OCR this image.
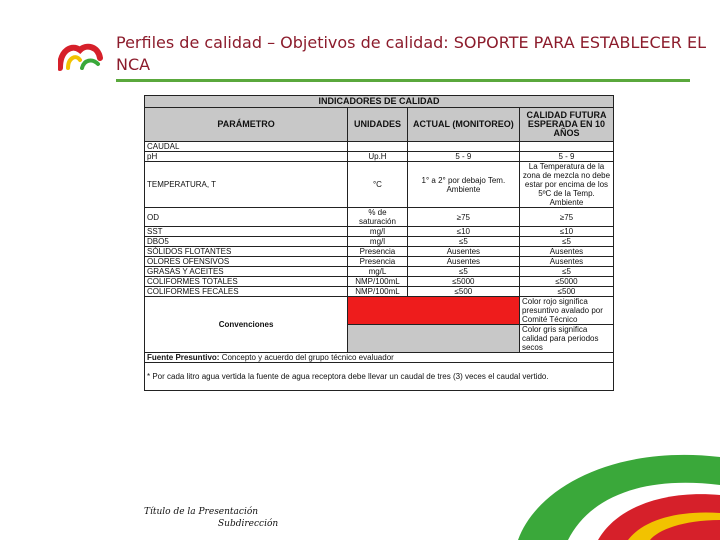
Perfiles de calidad – Objetivos de calidad: SOPORTE PARA ESTABLECER EL NCA
INDICADORES DE CALIDAD			
PARÁMETRO	UNIDADES	ACTUAL (MONITOREO)	CALIDAD FUTURA ESPERADA EN 10 AÑOS
CAUDAL			
pH	Up.H	5 - 9	5 - 9
TEMPERATURA, T	°C	1° a 2° por debajo Tem. Ambiente	La Temperatura de la zona de mezcla no debe estar por encima de los 5ºC de la Temp. Ambiente
OD	% de saturación	≥75	≥75
SST	mg/l	≤10	≤10
DBO5	mg/l	≤5	≤5
SÓLIDOS FLOTANTES	Presencia	Ausentes	Ausentes
OLORES OFENSIVOS	Presencia	Ausentes	Ausentes
GRASAS Y ACEITES	mg/L	≤5	≤5
COLIFORMES TOTALES	NMP/100mL	≤5000	≤5000
COLIFORMES FECALES	NMP/100mL	≤500	≤500
Convenciones			Color rojo significa presuntivo avalado por Comité Técnico
			Color gris significa calidad para periodos secos
Fuente Presuntivo: Concepto y acuerdo del grupo técnico evaluador			
* Por cada litro agua vertida la fuente de agua receptora debe llevar un caudal de tres (3) veces el caudal vertido.			
Título de la Presentación
Subdirección
